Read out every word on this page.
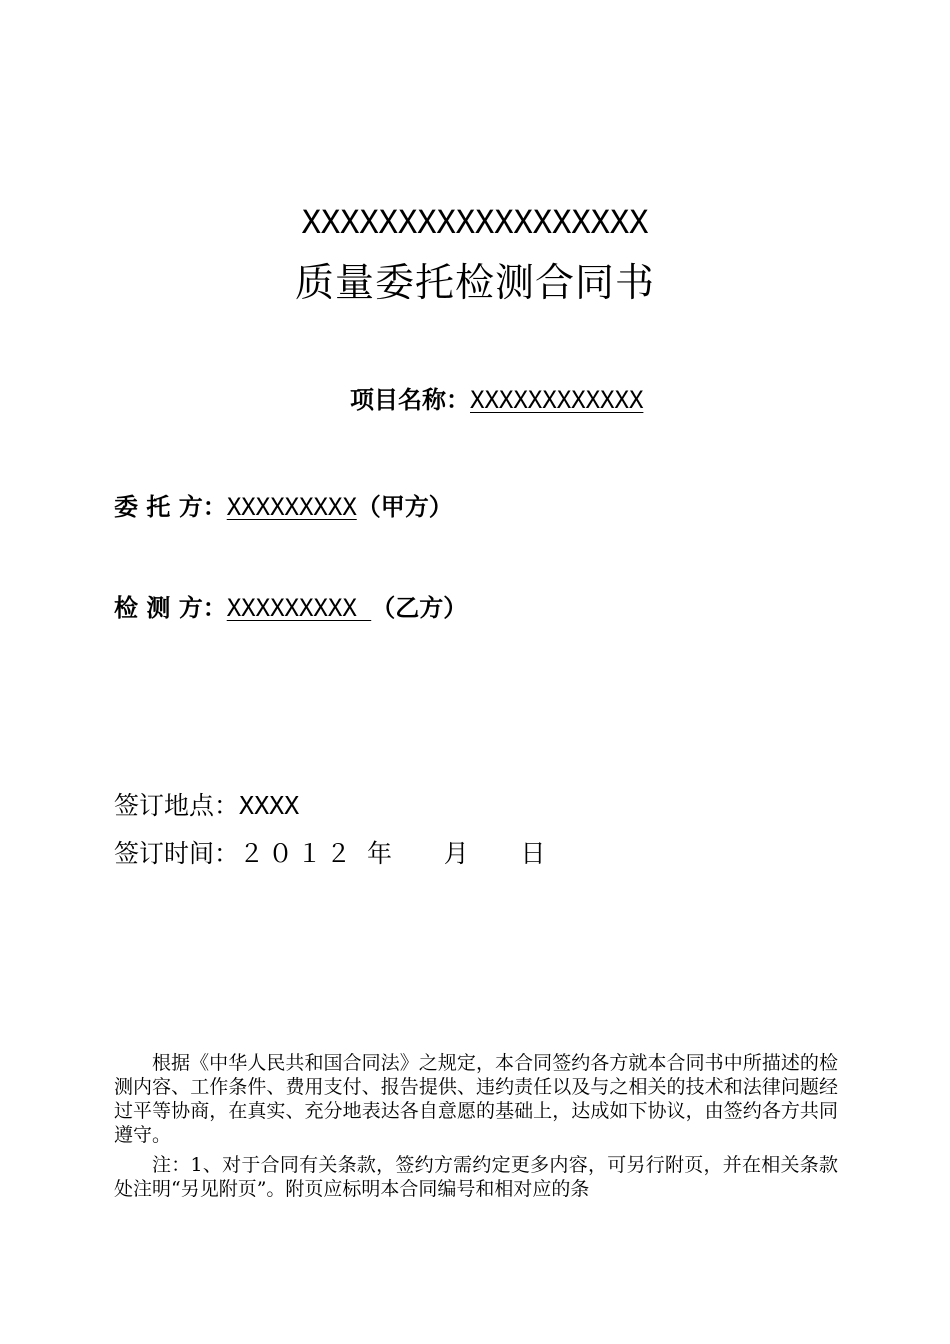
XXXXXXXXXXXXXXXXXX
质量委托检测合同书
项目名称：XXXXXXXXXXXX
委 托 方：XXXXXXXXX（甲方）
检 测 方：XXXXXXXXX （乙方）
签订地点：XXXX
签订时间：２０１２ 年    月    日
根据《中华人民共和国合同法》之规定，本合同签约各方就本合同书中所描述的检测内容、工作条件、费用支付、报告提供、违约责任以及与之相关的技术和法律问题经过平等协商，在真实、充分地表达各自意愿的基础上，达成如下协议，由签约各方共同遵守。
注：1、对于合同有关条款，签约方需约定更多内容，可另行附页，并在相关条款处注明“另见附页”。附页应标明本合同编号和相对应的条
